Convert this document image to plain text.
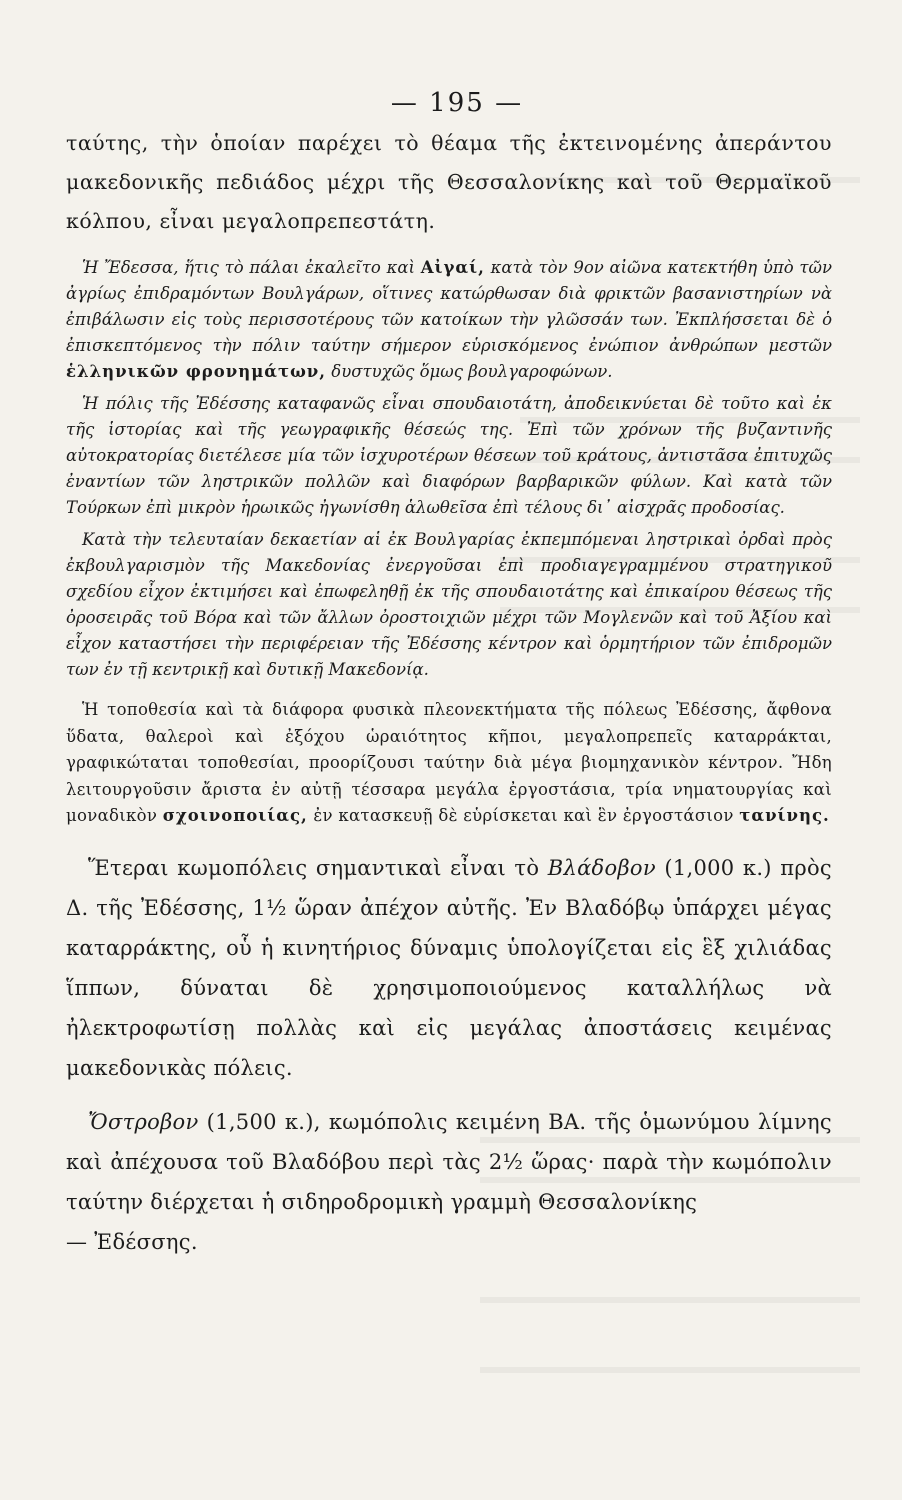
— 195 —

ταύτης, τὴν ὁποίαν παρέχει τὸ θέαμα τῆς ἐκτεινομένης ἀπεράντου μακεδονικῆς πεδιάδος μέχρι τῆς Θεσσαλονίκης καὶ τοῦ Θερμαϊκοῦ κόλπου, εἶναι μεγαλοπρεπεστάτη.

Ἡ Ἔδεσσα, ἥτις τὸ πάλαι ἐκαλεῖτο καὶ Αἰγαί, κατὰ τὸν 9ον αἰῶνα κατεκτήθη ὑπὸ τῶν ἀγρίως ἐπιδραμόντων Βουλγάρων, οἵτινες κατώρθωσαν διὰ φρικτῶν βασανιστηρίων νὰ ἐπιβάλωσιν εἰς τοὺς περισσοτέρους τῶν κατοίκων τὴν γλῶσσάν των. Ἐκπλήσσεται δὲ ὁ ἐπισκεπτόμενος τὴν πόλιν ταύτην σήμερον εὑρισκόμενος ἐνώπιον ἀνθρώπων μεστῶν ἑλληνικῶν φρονημάτων, δυστυχῶς ὅμως βουλγαροφώνων.

Ἡ πόλις τῆς Ἐδέσσης καταφανῶς εἶναι σπουδαιοτάτη, ἀποδεικνύεται δὲ τοῦτο καὶ ἐκ τῆς ἱστορίας καὶ τῆς γεωγραφικῆς θέσεώς της. Ἐπὶ τῶν χρόνων τῆς βυζαντινῆς αὐτοκρατορίας διετέλεσε μία τῶν ἰσχυροτέρων θέσεων τοῦ κράτους, ἀντιστᾶσα ἐπιτυχῶς ἐναντίων τῶν ληστρικῶν πολλῶν καὶ διαφόρων βαρβαρικῶν φύλων. Καὶ κατὰ τῶν Τούρκων ἐπὶ μικρὸν ἡρωικῶς ἠγωνίσθη ἁλωθεῖσα ἐπὶ τέλους δι᾽ αἰσχρᾶς προδοσίας.

Κατὰ τὴν τελευταίαν δεκαετίαν αἱ ἐκ Βουλγαρίας ἐκπεμπόμεναι ληστρικαὶ ὀρδαὶ πρὸς ἐκβουλγαρισμὸν τῆς Μακεδονίας ἐνεργοῦσαι ἐπὶ προδιαγεγραμμένου στρατηγικοῦ σχεδίου εἶχον ἐκτιμήσει καὶ ἐπωφεληθῇ ἐκ τῆς σπουδαιοτάτης καὶ ἐπικαίρου θέσεως τῆς ὀροσειρᾶς τοῦ Βόρα καὶ τῶν ἄλλων ὀροστοιχιῶν μέχρι τῶν Μογλενῶν καὶ τοῦ Ἀξίου καὶ εἶχον καταστήσει τὴν περιφέρειαν τῆς Ἐδέσσης κέντρον καὶ ὁρμητήριον τῶν ἐπιδρομῶν των ἐν τῇ κεντρικῇ καὶ δυτικῇ Μακεδονίᾳ.

Ἡ τοποθεσία καὶ τὰ διάφορα φυσικὰ πλεονεκτήματα τῆς πόλεως Ἐδέσσης, ἄφθονα ὕδατα, θαλεροὶ καὶ ἐξόχου ὡραιότητος κῆποι, μεγαλοπρεπεῖς καταρράκται, γραφικώταται τοποθεσίαι, προορίζουσι ταύτην διὰ μέγα βιομηχανικὸν κέντρον. Ἤδη λειτουργοῦσιν ἄριστα ἐν αὐτῇ τέσσαρα μεγάλα ἐργοστάσια, τρία νηματουργίας καὶ μοναδικὸν σχοινοποιίας, ἐν κατασκευῇ δὲ εὑρίσκεται καὶ ἓν ἐργοστάσιον τανίνης.

Ἕτεραι κωμοπόλεις σημαντικαὶ εἶναι τὸ Βλάδοβον (1,000 κ.) πρὸς Δ. τῆς Ἐδέσσης, 1½ ὥραν ἀπέχον αὐτῆς. Ἐν Βλαδόβῳ ὑπάρχει μέγας καταρράκτης, οὗ ἡ κινητήριος δύναμις ὑπολογίζεται εἰς ἓξ χιλιάδας ἵππων, δύναται δὲ χρησιμοποιούμενος καταλλήλως νὰ ἠλεκτροφωτίσῃ πολλὰς καὶ εἰς μεγάλας ἀποστάσεις κειμένας μακεδονικὰς πόλεις.

Ὄστροβον (1,500 κ.), κωμόπολις κειμένη ΒΑ. τῆς ὁμωνύμου λίμνης καὶ ἀπέχουσα τοῦ Βλαδόβου περὶ τὰς 2½ ὥρας· παρὰ τὴν κωμόπολιν ταύτην διέρχεται ἡ σιδηροδρομικὴ γραμμὴ Θεσσαλονίκης
— Ἐδέσσης.
